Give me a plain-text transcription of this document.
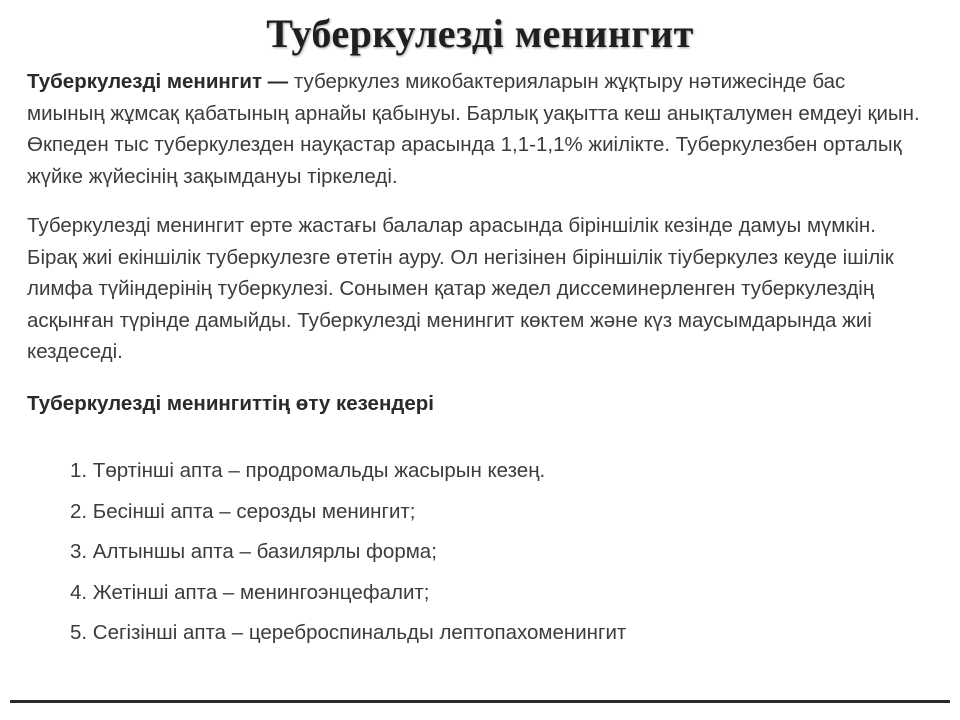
Туберкулезді менингит

Туберкулезді менингит — туберкулез микобактерияларын жұқтыру нәтижесінде бас миының жұмсақ қабатының арнайы қабынуы. Барлық уақытта кеш анықталумен емдеуі қиын. Өкпеден тыс туберкулезден науқастар арасында 1,1-1,1% жиілікте. Туберкулезбен орталық жүйке жүйесінің зақымдануы тіркеледі.

Туберкулезді менингит ерте жастағы балалар арасында біріншілік кезінде дамуы мүмкін. Бірақ жиі екіншілік туберкулезге өтетін ауру. Ол негізінен біріншілік тіуберкулез кеуде ішілік лимфа түйіндерінің туберкулезі. Сонымен қатар жедел диссеминерленген туберкулездің асқынған түрінде дамыйды. Туберкулезді менингит көктем және күз маусымдарында жиі кездеседі.

Туберкулезді менингиттің өту кезендері

1. Төртінші апта – продромальды жасырын кезең.
2. Бесінші апта – серозды менингит;
3. Алтыншы апта – базилярлы форма;
4. Жетінші апта – менингоэнцефалит;
5. Сегізінші апта – цереброспинальды лептопахоменингит
